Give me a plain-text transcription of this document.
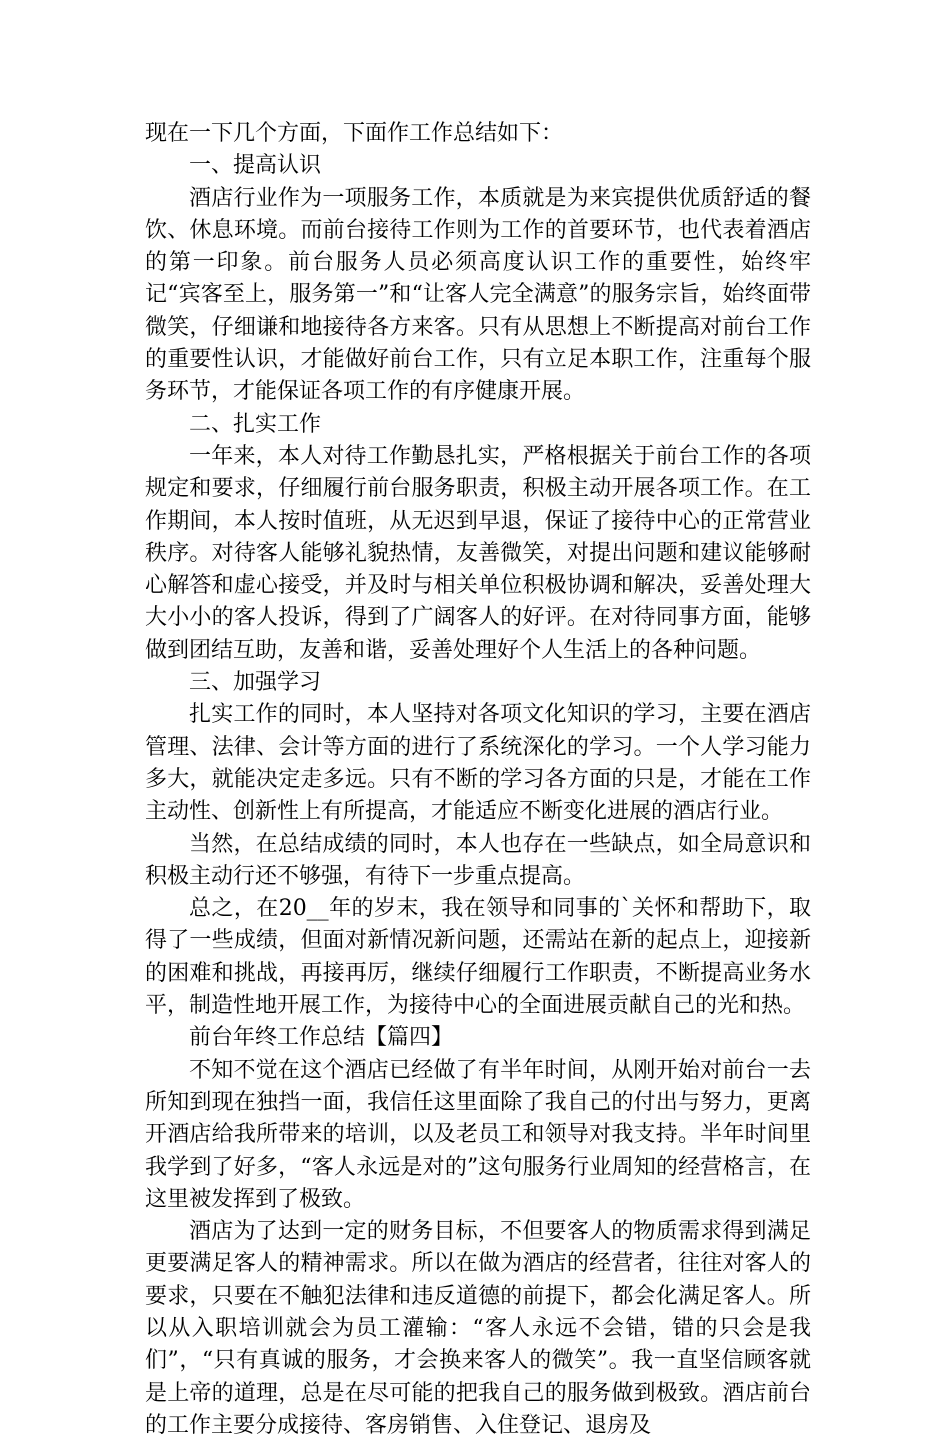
现在一下几个方面，下面作工作总结如下：

一、提高认识

酒店行业作为一项服务工作，本质就是为来宾提供优质舒适的餐饮、休息环境。而前台接待工作则为工作的首要环节，也代表着酒店的第一印象。前台服务人员必须高度认识工作的重要性，始终牢记“宾客至上，服务第一”和“让客人完全满意”的服务宗旨，始终面带微笑，仔细谦和地接待各方来客。只有从思想上不断提高对前台工作的重要性认识，才能做好前台工作，只有立足本职工作，注重每个服务环节，才能保证各项工作的有序健康开展。

二、扎实工作

一年来，本人对待工作勤恳扎实，严格根据关于前台工作的各项规定和要求，仔细履行前台服务职责，积极主动开展各项工作。在工作期间，本人按时值班，从无迟到早退，保证了接待中心的正常营业秩序。对待客人能够礼貌热情，友善微笑，对提出问题和建议能够耐心解答和虚心接受，并及时与相关单位积极协调和解决，妥善处理大大小小的客人投诉，得到了广阔客人的好评。在对待同事方面，能够做到团结互助，友善和谐，妥善处理好个人生活上的各种问题。

三、加强学习

扎实工作的同时，本人坚持对各项文化知识的学习，主要在酒店管理、法律、会计等方面的进行了系统深化的学习。一个人学习能力多大，就能决定走多远。只有不断的学习各方面的只是，才能在工作主动性、创新性上有所提高，才能适应不断变化进展的酒店行业。

当然，在总结成绩的同时，本人也存在一些缺点，如全局意识和积极主动行还不够强，有待下一步重点提高。

总之，在20__年的岁末，我在领导和同事的`关怀和帮助下，取得了一些成绩，但面对新情况新问题，还需站在新的起点上，迎接新的困难和挑战，再接再厉，继续仔细履行工作职责，不断提高业务水平，制造性地开展工作，为接待中心的全面进展贡献自己的光和热。

前台年终工作总结【篇四】

不知不觉在这个酒店已经做了有半年时间，从刚开始对前台一去所知到现在独挡一面，我信任这里面除了我自己的付出与努力，更离开酒店给我所带来的培训，以及老员工和领导对我支持。半年时间里我学到了好多，“客人永远是对的”这句服务行业周知的经营格言，在这里被发挥到了极致。

酒店为了达到一定的财务目标，不但要客人的物质需求得到满足更要满足客人的精神需求。所以在做为酒店的经营者，往往对客人的要求，只要在不触犯法律和违反道德的前提下，都会化满足客人。所以从入职培训就会为员工灌输：“客人永远不会错，错的只会是我们”，“只有真诚的服务，才会换来客人的微笑”。我一直坚信顾客就是上帝的道理，总是在尽可能的把我自己的服务做到极致。酒店前台的工作主要分成接待、客房销售、入住登记、退房及
